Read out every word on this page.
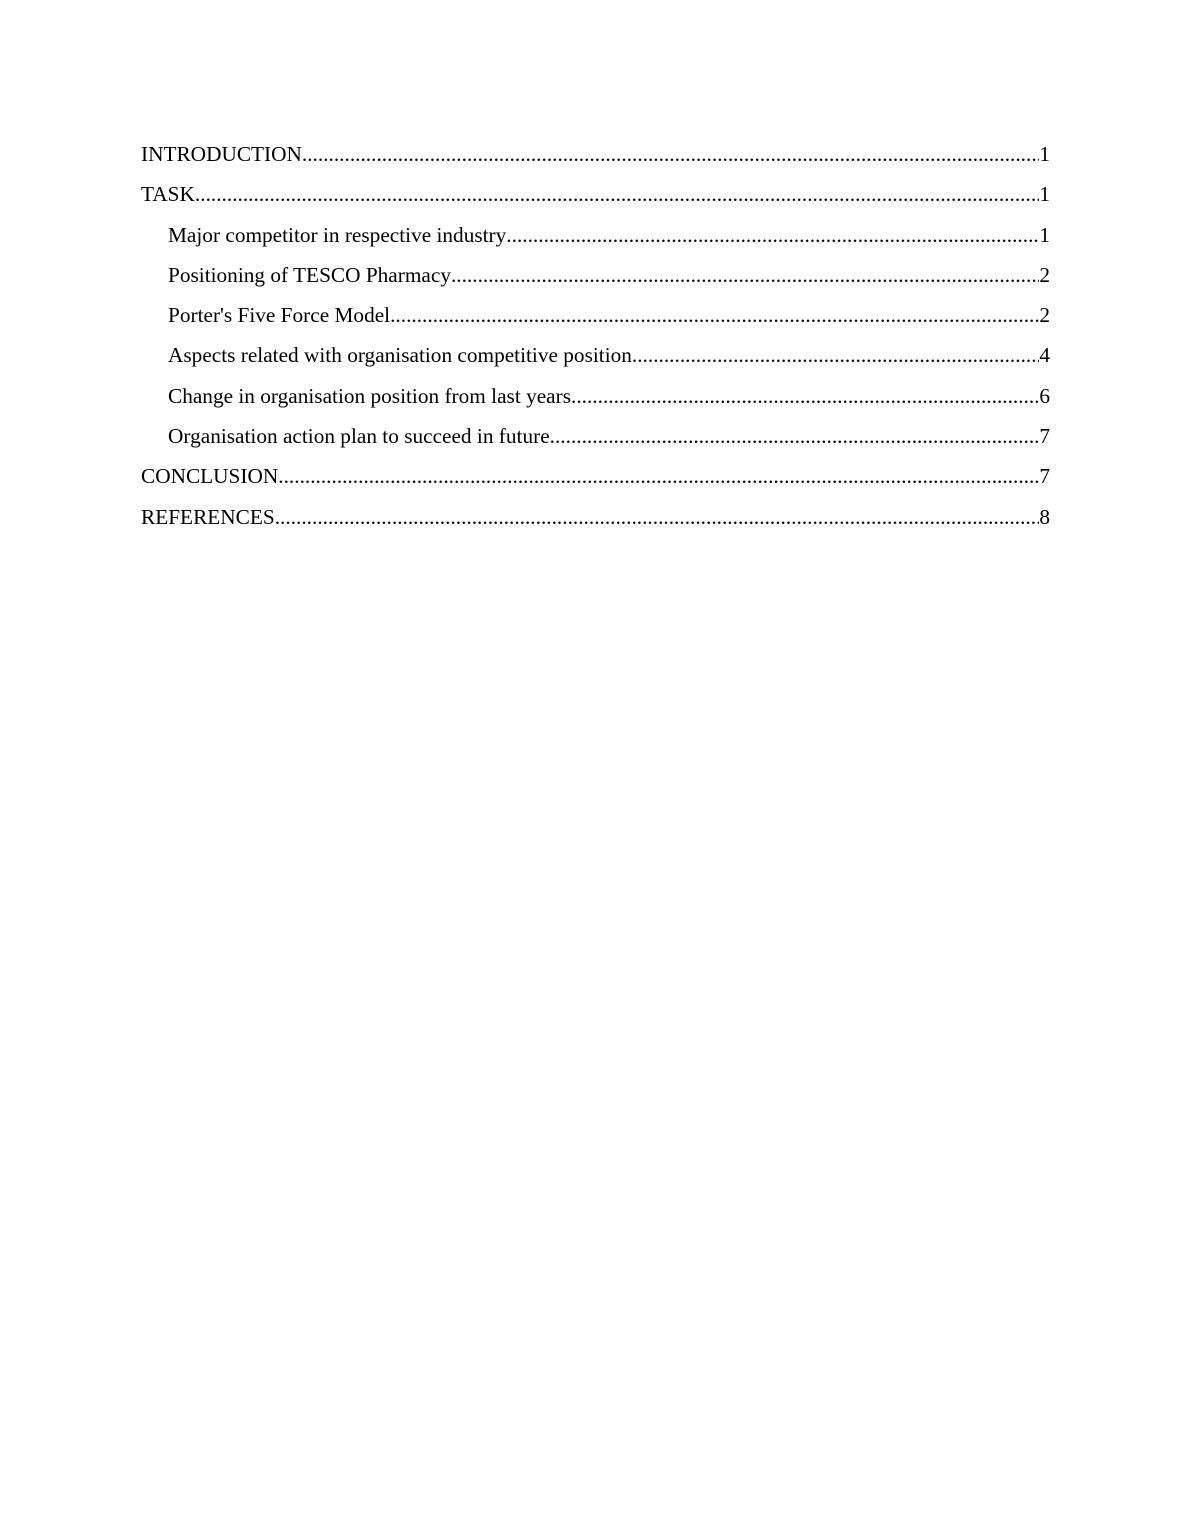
INTRODUCTION .....	1
TASK .....	1
Major competitor in respective industry .....	1
Positioning of TESCO Pharmacy .....	2
Porter's Five Force Model .....	2
Aspects related with organisation competitive position .....	4
Change in organisation position from last years .....	6
Organisation action plan to succeed in future .....	7
CONCLUSION .....	7
REFERENCES .....	8
